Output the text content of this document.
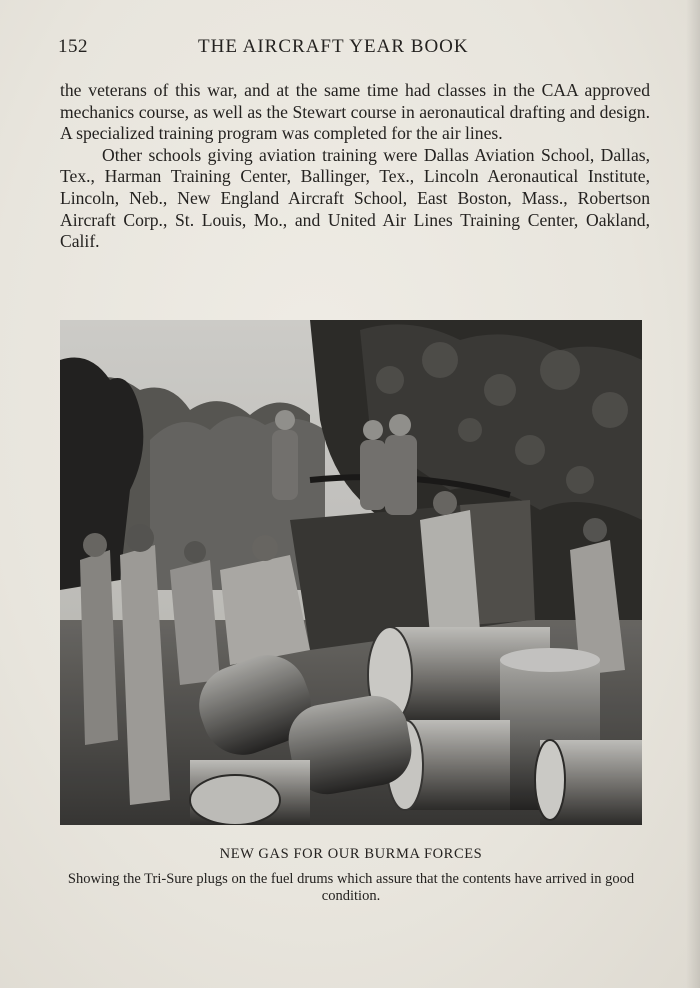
152	THE AIRCRAFT YEAR BOOK

the veterans of this war, and at the same time had classes in the CAA approved mechanics course, as well as the Stewart course in aeronautical drafting and design. A specialized training program was completed for the air lines.

Other schools giving aviation training were Dallas Aviation School, Dallas, Tex., Harman Training Center, Ballinger, Tex., Lincoln Aeronautical Institute, Lincoln, Neb., New England Aircraft School, East Boston, Mass., Robertson Aircraft Corp., St. Louis, Mo., and United Air Lines Training Center, Oakland, Calif.

NEW GAS FOR OUR BURMA FORCES
Showing the Tri-Sure plugs on the fuel drums which assure that the contents have arrived in good condition.
